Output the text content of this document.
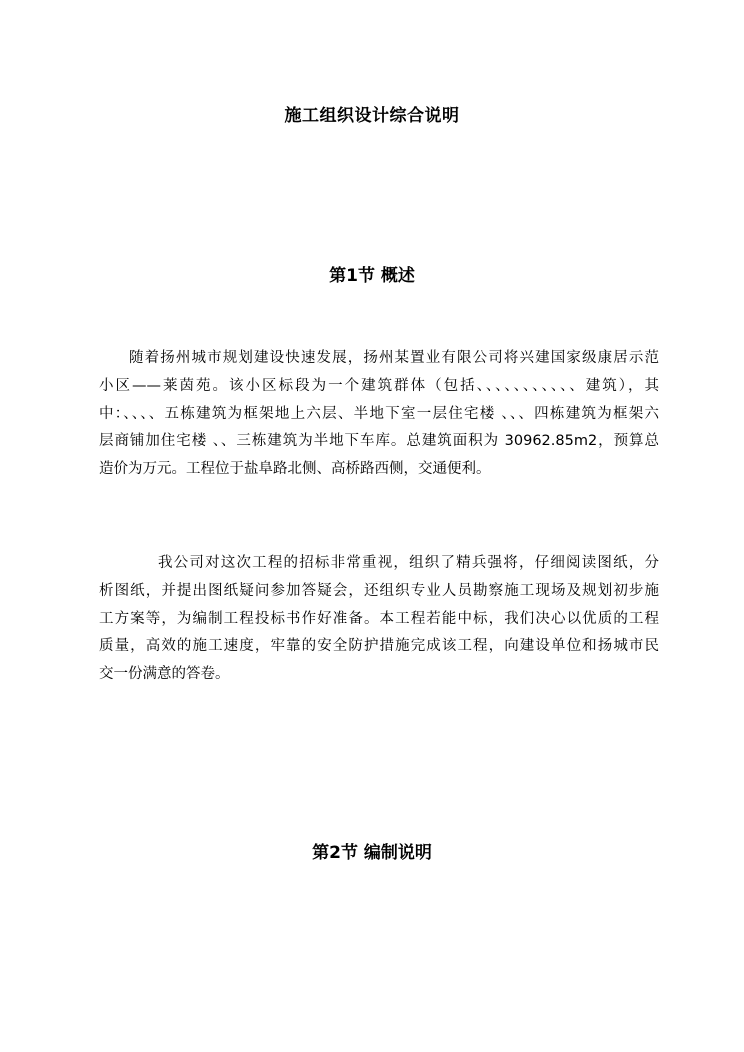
施工组织设计综合说明
第1节 概述
随着扬州城市规划建设快速发展，扬州某置业有限公司将兴建国家级康居示范
小区——莱茵苑。该小区标段为一个建筑群体（包括、、、、、、、、、、、建筑），其
中：、、、、五栋建筑为框架地上六层、半地下室一层住宅楼 、、、四栋建筑为框架六
层商铺加住宅楼 、、三栋建筑为半地下车库。总建筑面积为 30962.85m2，预算总
造价为万元。工程位于盐阜路北侧、高桥路西侧，交通便利。
我公司对这次工程的招标非常重视，组织了精兵强将，仔细阅读图纸，分
析图纸，并提出图纸疑问参加答疑会，还组织专业人员勘察施工现场及规划初步施
工方案等，为编制工程投标书作好准备。本工程若能中标，我们决心以优质的工程
质量，高效的施工速度，牢靠的安全防护措施完成该工程，向建设单位和扬城市民
交一份满意的答卷。
第2节 编制说明
